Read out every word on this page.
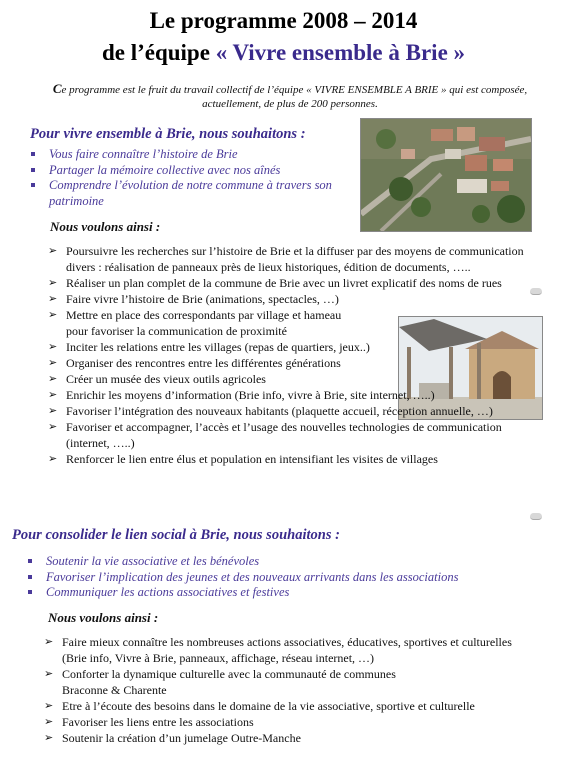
Le programme 2008 – 2014
de l’équipe « Vivre ensemble à Brie »
Ce programme est le fruit du travail collectif de l’équipe « VIVRE ENSEMBLE A BRIE » qui est composée, actuellement, de plus de 200 personnes.
Pour vivre ensemble à Brie, nous souhaitons :
Vous faire connaître l’histoire de Brie
Partager la mémoire collective avec nos aînés
Comprendre l’évolution de notre commune à travers son patrimoine
Nous voulons ainsi :
➢ Poursuivre les recherches sur l’histoire de Brie et la diffuser par des moyens de communication divers : réalisation de panneaux près de lieux historiques, édition de documents, …..
➢ Réaliser un plan complet de la commune de Brie avec un livret explicatif des noms de rues
➢ Faire vivre l’histoire de Brie (animations, spectacles, …)
➢ Mettre en place des correspondants par village et hameau pour favoriser la communication de proximité
➢ Inciter les relations entre les villages (repas de quartiers, jeux..)
➢ Organiser des rencontres entre les différentes générations
➢ Créer un musée des vieux outils agricoles
➢ Enrichir les moyens d’information (Brie info, vivre à Brie, site internet, …..)
➢ Favoriser l’intégration des nouveaux habitants (plaquette accueil, réception annuelle, …)
➢ Favoriser et accompagner, l’accès et l’usage des nouvelles technologies de communication (internet, …..)
➢ Renforcer le lien entre élus et population en intensifiant les visites de villages
Pour consolider le lien social à Brie, nous souhaitons :
Soutenir la vie associative et les bénévoles
Favoriser l’implication des jeunes et des nouveaux arrivants dans les associations
Communiquer les actions associatives et festives
Nous voulons ainsi :
➢ Faire mieux connaître les nombreuses actions associatives, éducatives, sportives et culturelles (Brie info, Vivre à Brie, panneaux, affichage, réseau internet, …)
➢ Conforter la dynamique culturelle avec la communauté de communes Braconne & Charente
➢ Etre à l’écoute des besoins dans le domaine de la vie associative, sportive et culturelle
➢ Favoriser les liens entre les associations
➢ Soutenir la création d’un jumelage Outre-Manche
